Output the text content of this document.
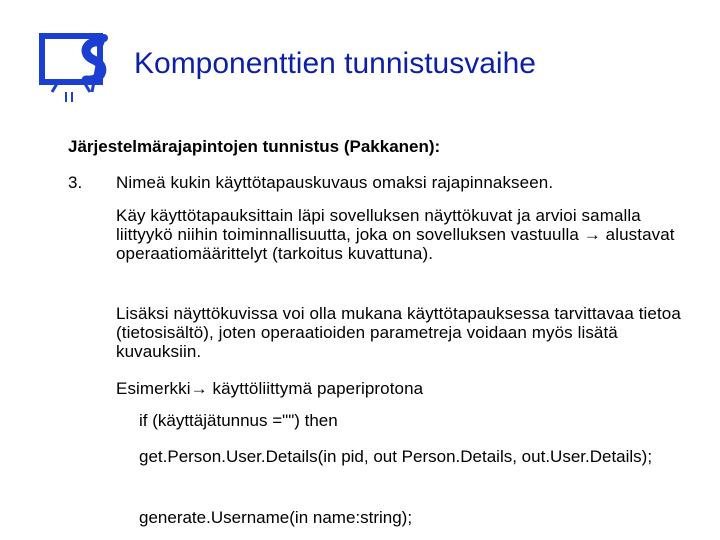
Komponenttien tunnistusvaihe
Järjestelmärajapintojen tunnistus (Pakkanen):
3. Nimeä kukin käyttötapauskuvaus omaksi rajapinnakseen.
Käy käyttötapauksittain läpi sovelluksen näyttökuvat ja arvioi samalla liittyykö niihin toiminnallisuutta, joka on sovelluksen vastuulla → alustavat operaatiomäärittelyt (tarkoitus kuvattuna).
Lisäksi näyttökuvissa voi olla mukana käyttötapauksessa tarvittavaa tietoa (tietosisältö), joten operaatioiden parametreja voidaan myös lisätä kuvauksiin.
Esimerkki→ käyttöliittymä paperiprotona
if (käyttäjätunnus ="") then
get.Person.User.Details(in pid, out Person.Details, out.User.Details);
generate.Username(in name:string);
